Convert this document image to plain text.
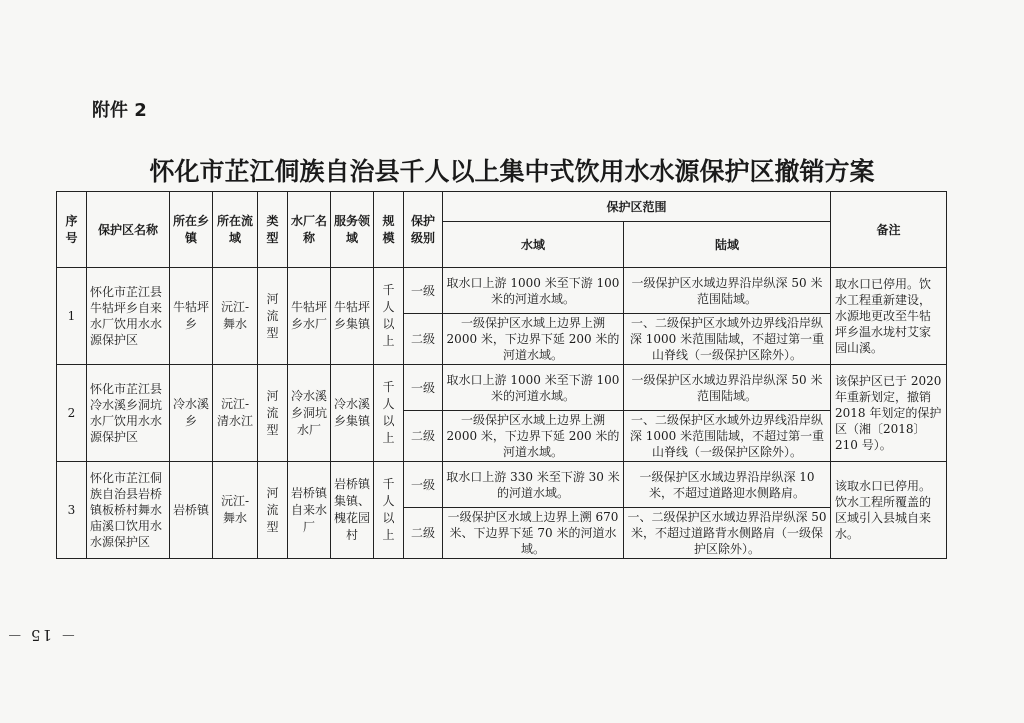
附件 2
怀化市芷江侗族自治县千人以上集中式饮用水水源保护区撤销方案
序号	保护区名称	所在乡镇	所在流域	类型	水厂名称	服务领域	规模	保护级别	保护区范围		备注
									水域	陆域	
1	怀化市芷江县牛牯坪乡自来水厂饮用水水源保护区	牛牯坪乡	沅江-舞水	河流型	牛牯坪乡水厂	牛牯坪乡集镇	千人以上	一级	取水口上游 1000 米至下游 100 米的河道水域。	一级保护区水域边界沿岸纵深 50 米范围陆域。	取水口已停用。饮水工程重新建设，水源地更改至牛牯坪乡温水垅村艾家园山溪。
								二级	一级保护区水域上边界上溯 2000 米，下边界下延 200 米的河道水域。	一、二级保护区水域外边界线沿岸纵深 1000 米范围陆域，不超过第一重山脊线（一级保护区除外）。	
2	怀化市芷江县冷水溪乡洞坑水厂饮用水水源保护区	冷水溪乡	沅江-清水江	河流型	冷水溪乡洞坑水厂	冷水溪乡集镇	千人以上	一级	取水口上游 1000 米至下游 100 米的河道水域。	一级保护区水域边界沿岸纵深 50 米范围陆域。	该保护区已于 2020 年重新划定，撤销 2018 年划定的保护区（湘〔2018〕210 号）。
								二级	一级保护区水域上边界上溯 2000 米，下边界下延 200 米的河道水域。	一、二级保护区水域外边界线沿岸纵深 1000 米范围陆域，不超过第一重山脊线（一级保护区除外）。	
3	怀化市芷江侗族自治县岩桥镇板桥村舞水庙溪口饮用水水源保护区	岩桥镇	沅江-舞水	河流型	岩桥镇自来水厂	岩桥镇集镇、槐花园村	千人以上	一级	取水口上游 330 米至下游 30 米的河道水域。	一级保护区水域边界沿岸纵深 10 米，不超过道路迎水侧路肩。	该取水口已停用。饮水工程所覆盖的区域引入县城自来水。
								二级	一级保护区水域上边界上溯 670 米、下边界下延 70 米的河道水域。	一、二级保护区水域边界沿岸纵深 50 米，不超过道路背水侧路肩（一级保护区除外）。	
－ 15 －
